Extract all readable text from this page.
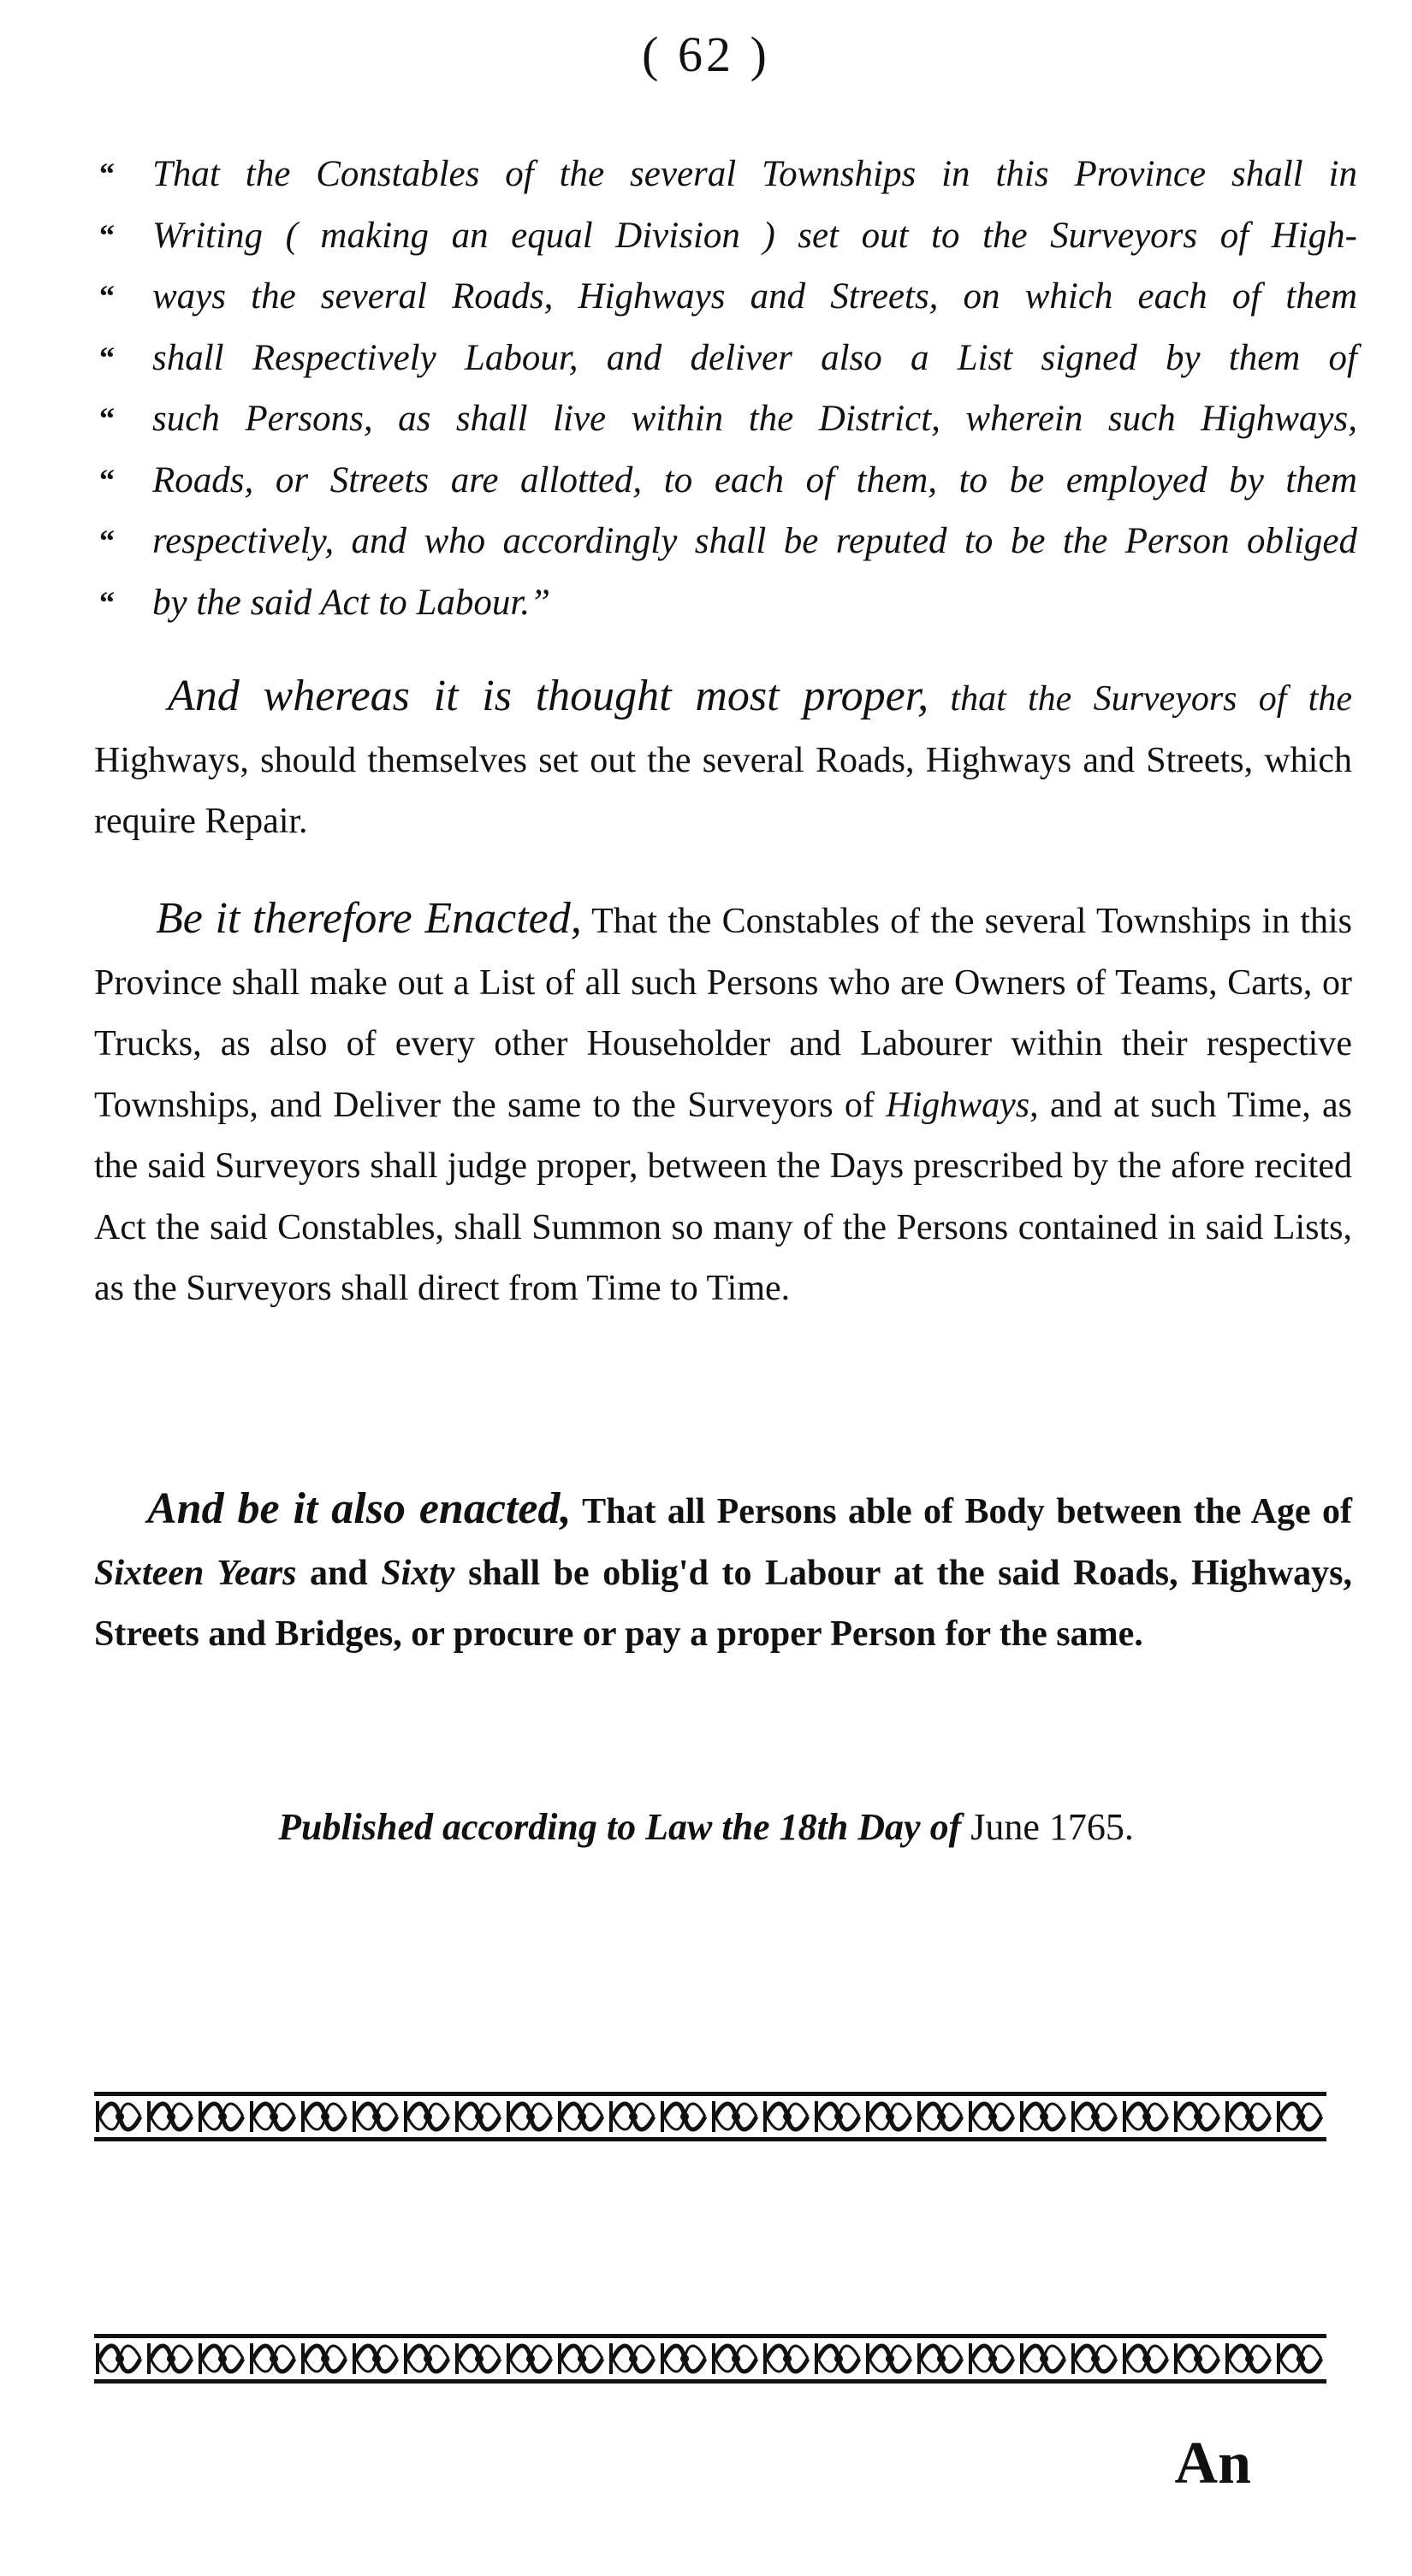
( 62 )
“ That the Constables of the several Townships in this Province shall in
“ Writing ( making an equal Division ) set out to the Surveyors of High-
“ ways the several Roads, Highways and Streets, on which each of them
“ shall Respectively Labour, and deliver also a List signed by them of
“ such Persons, as shall live within the District, wherein such Highways,
“ Roads, or Streets are allotted, to each of them, to be employed by them
“ respectively, and who accordingly shall be reputed to be the Person obliged
“ by the said Act to Labour.”

And whereas it is thought most proper, that the Surveyors of the Highways, should themselves set out the several Roads, Highways and Streets, which require Repair.

Be it therefore Enacted, That the Constables of the several Townships in this Province shall make out a List of all such Persons who are Owners of Teams, Carts, or Trucks, as also of every other Householder and Labourer within their respective Townships, and Deliver the same to the Surveyors of Highways, and at such Time, as the said Surveyors shall judge proper, between the Days prescribed by the afore recited Act the said Constables, shall Summon so many of the Persons contained in said Lists, as the Surveyors shall direct from Time to Time.

And be it also enacted, That all Persons able of Body between the Age of Sixteen Years and Sixty shall be oblig'd to Labour at the said Roads, Highways, Streets and Bridges, or procure or pay a proper Person for the same.

Published according to Law the 18th Day of June 1765.
An
